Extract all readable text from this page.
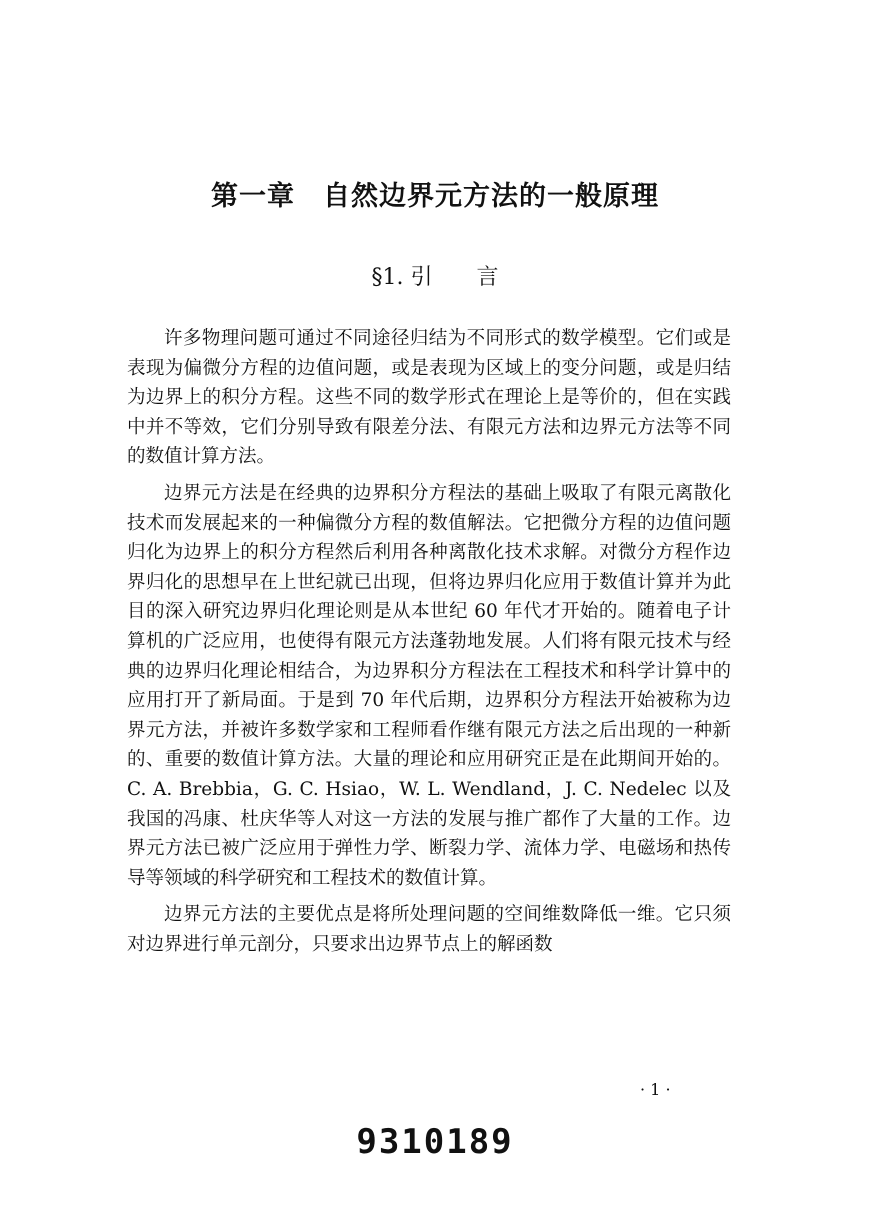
第一章　自然边界元方法的一般原理
§1. 引　　言

许多物理问题可通过不同途径归结为不同形式的数学模型。它们或是表现为偏微分方程的边值问题，或是表现为区域上的变分问题，或是归结为边界上的积分方程。这些不同的数学形式在理论上是等价的，但在实践中并不等效，它们分别导致有限差分法、有限元方法和边界元方法等不同的数值计算方法。

边界元方法是在经典的边界积分方程法的基础上吸取了有限元离散化技术而发展起来的一种偏微分方程的数值解法。它把微分方程的边值问题归化为边界上的积分方程然后利用各种离散化技术求解。对微分方程作边界归化的思想早在上世纪就已出现，但将边界归化应用于数值计算并为此目的深入研究边界归化理论则是从本世纪 60 年代才开始的。随着电子计算机的广泛应用，也使得有限元方法蓬勃地发展。人们将有限元技术与经典的边界归化理论相结合，为边界积分方程法在工程技术和科学计算中的应用打开了新局面。于是到 70 年代后期，边界积分方程法开始被称为边界元方法，并被许多数学家和工程师看作继有限元方法之后出现的一种新的、重要的数值计算方法。大量的理论和应用研究正是在此期间开始的。C. A. Brebbia，G. C. Hsiao，W. L. Wendland，J. C. Nedelec 以及我国的冯康、杜庆华等人对这一方法的发展与推广都作了大量的工作。边界元方法已被广泛应用于弹性力学、断裂力学、流体力学、电磁场和热传导等领域的科学研究和工程技术的数值计算。

边界元方法的主要优点是将所处理问题的空间维数降低一维。它只须对边界进行单元剖分，只要求出边界节点上的解函数

· 1 ·
9310189
